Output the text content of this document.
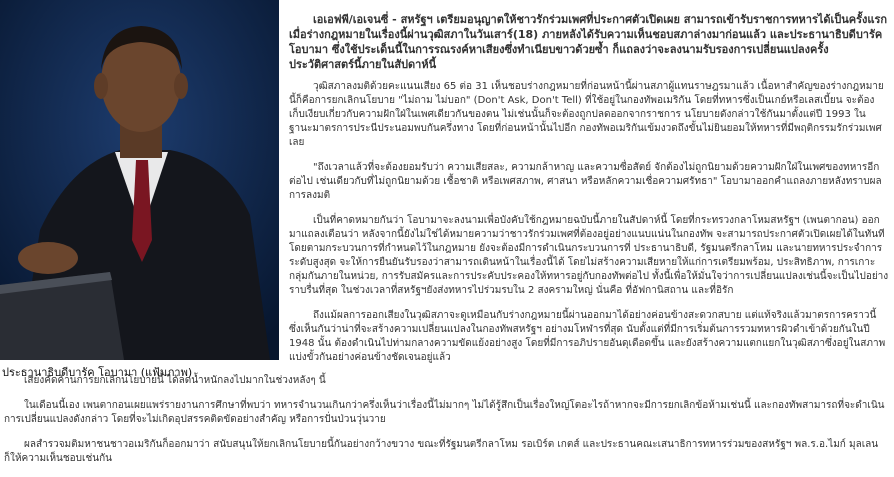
ประธานาธิบดีบารัค โอบามา (แฟ้มภาพ)

เอเอฟพี/เอเจนซี่ - สหรัฐฯ เตรียมอนุญาตให้ชาวรักร่วมเพศที่ประกาศตัวเปิดเผย สามารถเข้ารับราชการทหารได้เป็นครั้งแรก เมื่อร่างกฎหมายในเรื่องนี้ผ่านวุฒิสภาในวันเสาร์(18) ภายหลังได้รับความเห็นชอบสภาล่างมาก่อนแล้ว และประธานาธิบดีบารัค โอบามา ซึ่งใช้ประเด็นนี้ในการรณรงค์หาเสียงซึ่งทำเนียบขาวด้วยซ้ำ ก็แถลงว่าจะลงนามรับรองการเปลี่ยนแปลงครั้งประวัติศาสตร์นี้ภายในสัปดาห์นี้

วุฒิสภาลงมติด้วยคะแนนเสียง 65 ต่อ 31 เห็นชอบร่างกฎหมายที่ก่อนหน้านี้ผ่านสภาผู้แทนราษฎรมาแล้ว เนื้อหาสำคัญของร่างกฎหมายนี้ก็คือการยกเลิกนโยบาย "ไม่ถาม ไม่บอก" (Don't Ask, Don't Tell) ที่ใช้อยู่ในกองทัพอเมริกัน โดยที่ทหารซึ่งเป็นเกย์หรือเลสเบี้ยน จะต้องเก็บเงียบเกี่ยวกับความฝักใฝ่ในเพศเดียวกันของตน ไม่เช่นนั้นก็จะต้องถูกปลดออกจากราชการ นโยบายดังกล่าวใช้กันมาตั้งแต่ปี 1993 ในฐานะมาตรการประนีประนอมพบกันครึ่งทาง โดยที่ก่อนหน้านั้นไปอีก กองทัพอเมริกันเข้มงวดถึงขั้นไม่ยินยอมให้ทหารที่มีพฤติกรรมรักร่วมเพศเลย

"ถึงเวลาแล้วที่จะต้องยอมรับว่า ความเสียสละ, ความกล้าหาญ และความซื่อสัตย์ จักต้องไม่ถูกนิยามด้วยความฝักใฝ่ในเพศของทหารอีกต่อไป เช่นเดียวกับที่ไม่ถูกนิยามด้วย เชื้อชาติ หรือเพศสภาพ, ศาสนา หรือหลักความเชื่อความศรัทธา" โอบามาออกคำแถลงภายหลังทราบผลการลงมติ

เป็นที่คาดหมายกันว่า โอบามาจะลงนามเพื่อบังคับใช้กฎหมายฉบับนี้ภายในสัปดาห์นี้ โดยที่กระทรวงกลาโหมสหรัฐฯ (เพนตากอน) ออกมาแถลงเตือนว่า หลังจากนี้ยังไม่ใช่ได้หมายความว่าชาวรักร่วมเพศที่ต้องอยู่อย่างแนบแน่นในกองทัพ จะสามารถประกาศตัวเปิดเผยได้ในทันที โดยตามกระบวนการที่กำหนดไว้ในกฎหมาย ยังจะต้องมีการดำเนินกระบวนการที่ ประธานาธิบดี, รัฐมนตรีกลาโหม และนายทหารประจำการระดับสูงสุด จะให้การยืนยันรับรองว่าสามารถเดินหน้าในเรื่องนี้ได้ โดยไม่สร้างความเสียหายให้แก่การเตรียมพร้อม, ประสิทธิภาพ, การเกาะกลุ่มกันภายในหน่วย, การรับสมัครและการประคับประคองให้ทหารอยู่กับกองทัพต่อไป ทั้งนี้เพื่อให้มั่นใจว่าการเปลี่ยนแปลงเช่นนี้จะเป็นไปอย่างราบรื่นที่สุด ในช่วงเวลาที่สหรัฐฯยังส่งทหารไปร่วมรบใน 2 สงครามใหญ่ นั่นคือ ที่อัฟกานิสถาน และที่อิรัก

ถึงแม้ผลการออกเสียงในวุฒิสภาจะดูเหมือนกับร่างกฎหมายนี้ผ่านออกมาได้อย่างค่อนข้างสะดวกสบาย แต่แท้จริงแล้วมาตรการคราวนี้ ซึ่งเห็นกันว่าน่าที่จะสร้างความเปลี่ยนแปลงในกองทัพสหรัฐฯ อย่างมโหฬารที่สุด นับตั้งแต่ที่มีการเริ่มต้นการรวมทหารผิวดำเข้าด้วยกันในปี 1948 นั้น ต้องดำเนินไปท่ามกลางความขัดแย้งอย่างสูง โดยที่มีการอภิปรายอันดุเดือดขึ้น และยังสร้างความแตกแยกในวุฒิสภาซึ่งอยู่ในสภาพแบ่งขั้วกันอย่างค่อนข้างชัดเจนอยู่แล้ว

เสียงคัดค้านการยกเลิกนโยบายนี้ ได้ลดน้ำหนักลงไปมากในช่วงหลังๆ นี้

ในเดือนนี้เอง เพนตากอนเผยแพร่รายงานการศึกษาที่พบว่า ทหารจำนวนเกินกว่าครึ่งเห็นว่าเรื่องนี้ไม่มากๆ ไม่ได้รู้สึกเป็นเรื่องใหญ่โตอะไรถ้าหากจะมีการยกเลิกข้อห้ามเช่นนี้ และกองทัพสามารถที่จะดำเนินการเปลี่ยนแปลงดังกล่าว โดยที่จะไม่เกิดอุปสรรคติดขัดอย่างสำคัญ หรือการปั่นป่วนวุ่นวาย

ผลสำรวจมติมหาชนชาวอเมริกันก็ออกมาว่า สนับสนุนให้ยกเลิกนโยบายนี้กันอย่างกว้างขวาง ขณะที่รัฐมนตรีกลาโหม รอเบิร์ต เกตส์ และประธานคณะเสนาธิการทหารร่วมของสหรัฐฯ พล.ร.อ.ไมก์ มุลเลน ก็ให้ความเห็นชอบเช่นกัน
